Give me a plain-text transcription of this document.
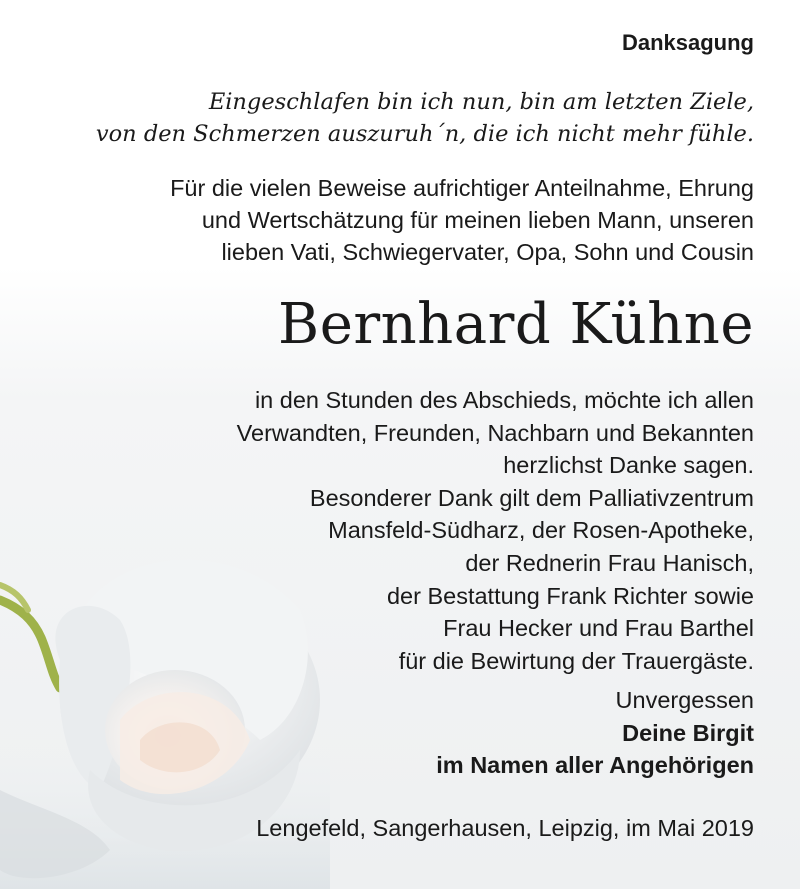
Danksagung
Eingeschlafen bin ich nun, bin am letzten Ziele,
von den Schmerzen auszuruh´n, die ich nicht mehr fühle.
Für die vielen Beweise aufrichtiger Anteilnahme, Ehrung
und Wertschätzung für meinen lieben Mann, unseren
lieben Vati, Schwiegervater, Opa, Sohn und Cousin
Bernhard Kühne
in den Stunden des Abschieds, möchte ich allen
Verwandten, Freunden, Nachbarn und Bekannten
herzlichst Danke sagen.
Besonderer Dank gilt dem Palliativzentrum
Mansfeld-Südharz, der Rosen-Apotheke,
der Rednerin Frau Hanisch,
der Bestattung Frank Richter sowie
Frau Hecker und Frau Barthel
für die Bewirtung der Trauergäste.
Unvergessen
Deine Birgit
im Namen aller Angehörigen
Lengefeld, Sangerhausen, Leipzig, im Mai 2019
